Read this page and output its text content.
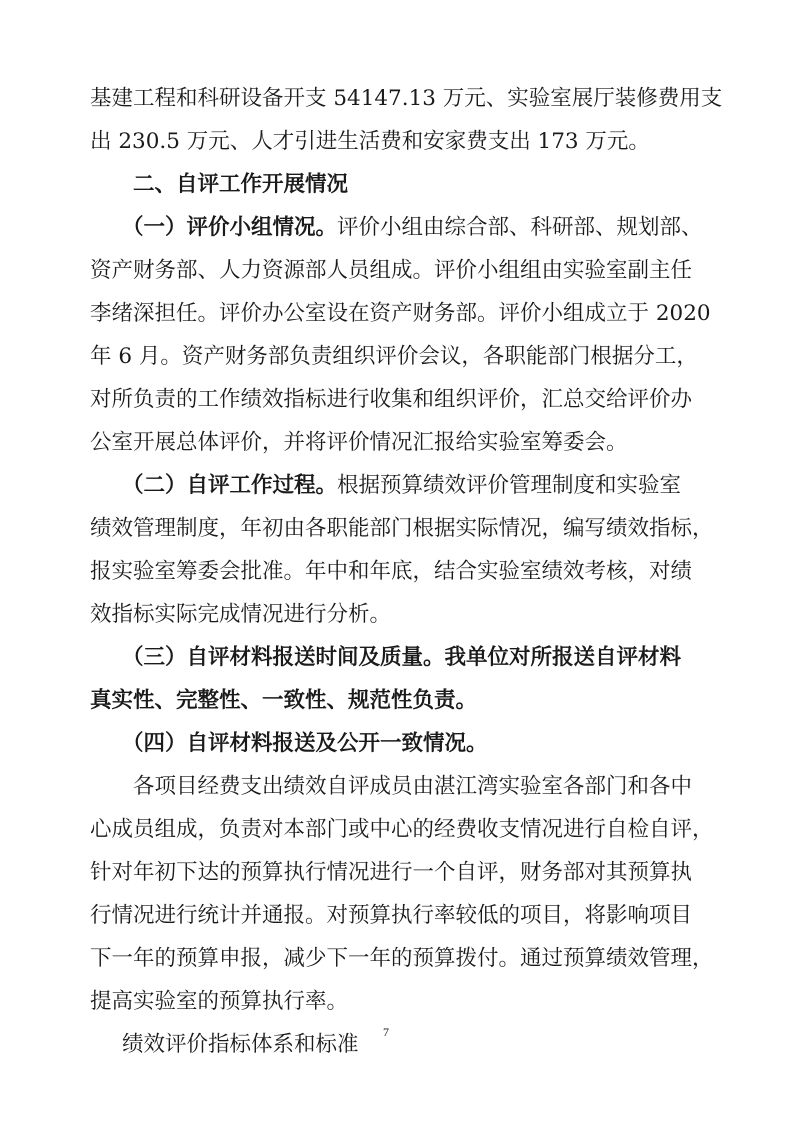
基建工程和科研设备开支 54147.13 万元、实验室展厅装修费用支
出 230.5 万元、人才引进生活费和安家费支出 173 万元。
二、自评工作开展情况
（一）评价小组情况。 评价小组由综合部、科研部、规划部、
资产财务部、人力资源部人员组成。评价小组组由实验室副主任
李绪深担任。评价办公室设在资产财务部。评价小组成立于 2020
年 6 月。资产财务部负责组织评价会议，各职能部门根据分工，
对所负责的工作绩效指标进行收集和组织评价，汇总交给评价办
公室开展总体评价，并将评价情况汇报给实验室筹委会。
（二）自评工作过程。 根据预算绩效评价管理制度和实验室
绩效管理制度，年初由各职能部门根据实际情况，编写绩效指标，
报实验室筹委会批准。年中和年底，结合实验室绩效考核，对绩
效指标实际完成情况进行分析。
（三）自评材料报送时间及质量。我单位对所报送自评材料
真实性、完整性、一致性、规范性负责。
（四）自评材料报送及公开一致情况。
各项目经费支出绩效自评成员由湛江湾实验室各部门和各中
心成员组成，负责对本部门或中心的经费收支情况进行自检自评，
针对年初下达的预算执行情况进行一个自评，财务部对其预算执
行情况进行统计并通报。对预算执行率较低的项目，将影响项目
下一年的预算申报，减少下一年的预算拨付。通过预算绩效管理，
提高实验室的预算执行率。
绩效评价指标体系和标准 7
